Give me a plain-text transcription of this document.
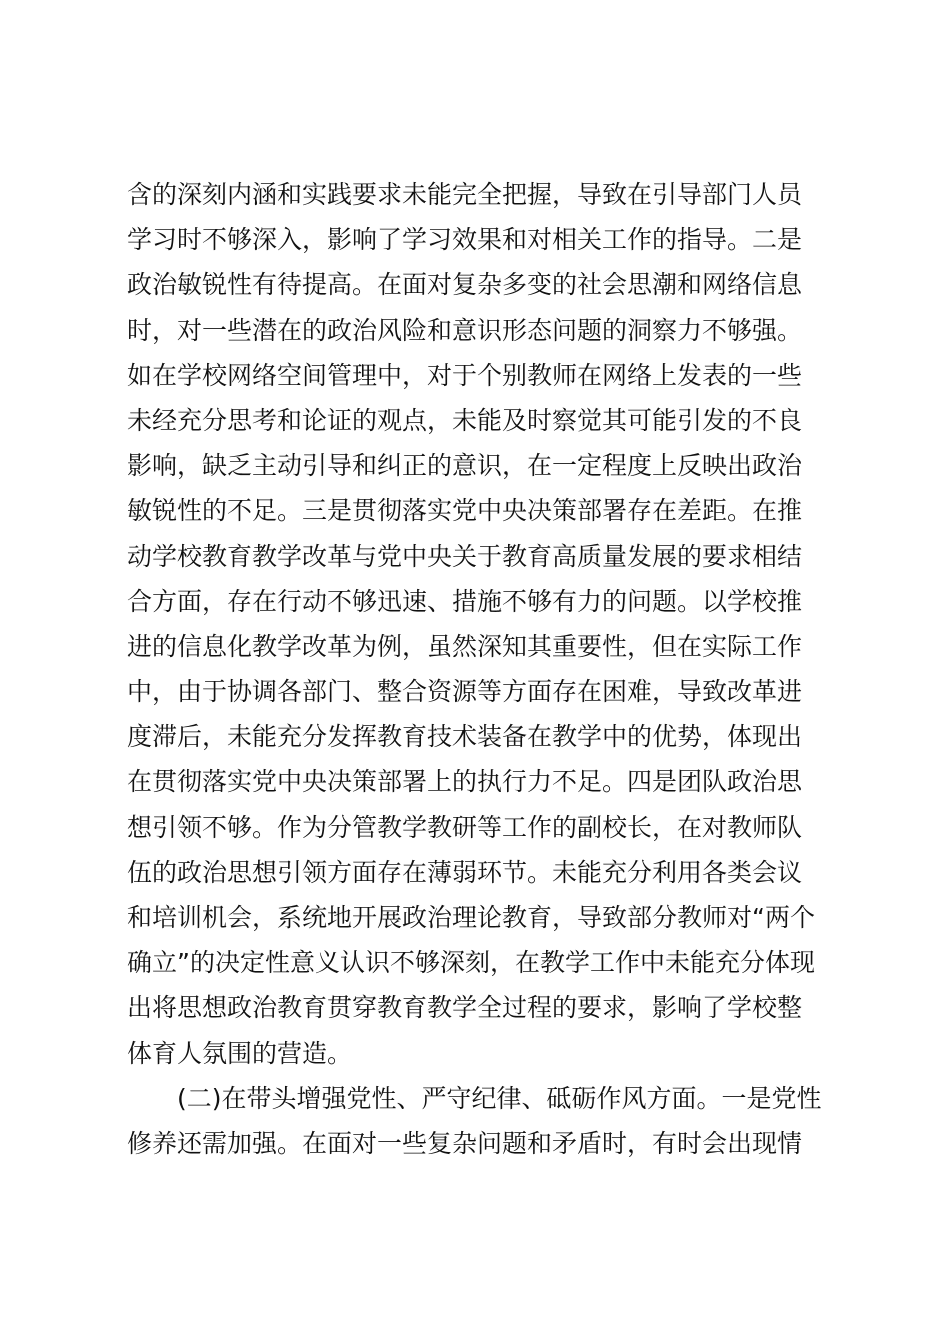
含的深刻内涵和实践要求未能完全把握，导致在引导部门人员
学习时不够深入，影响了学习效果和对相关工作的指导。二是
政治敏锐性有待提高。在面对复杂多变的社会思潮和网络信息
时，对一些潜在的政治风险和意识形态问题的洞察力不够强。
如在学校网络空间管理中，对于个别教师在网络上发表的一些
未经充分思考和论证的观点，未能及时察觉其可能引发的不良
影响，缺乏主动引导和纠正的意识，在一定程度上反映出政治
敏锐性的不足。三是贯彻落实党中央决策部署存在差距。在推
动学校教育教学改革与党中央关于教育高质量发展的要求相结
合方面，存在行动不够迅速、措施不够有力的问题。以学校推
进的信息化教学改革为例，虽然深知其重要性，但在实际工作
中，由于协调各部门、整合资源等方面存在困难，导致改革进
度滞后，未能充分发挥教育技术装备在教学中的优势，体现出
在贯彻落实党中央决策部署上的执行力不足。四是团队政治思
想引领不够。作为分管教学教研等工作的副校长，在对教师队
伍的政治思想引领方面存在薄弱环节。未能充分利用各类会议
和培训机会，系统地开展政治理论教育，导致部分教师对“两个
确立”的决定性意义认识不够深刻，在教学工作中未能充分体现
出将思想政治教育贯穿教育教学全过程的要求，影响了学校整
体育人氛围的营造。
(二)在带头增强党性、严守纪律、砥砺作风方面。一是党性
修养还需加强。在面对一些复杂问题和矛盾时，有时会出现情
